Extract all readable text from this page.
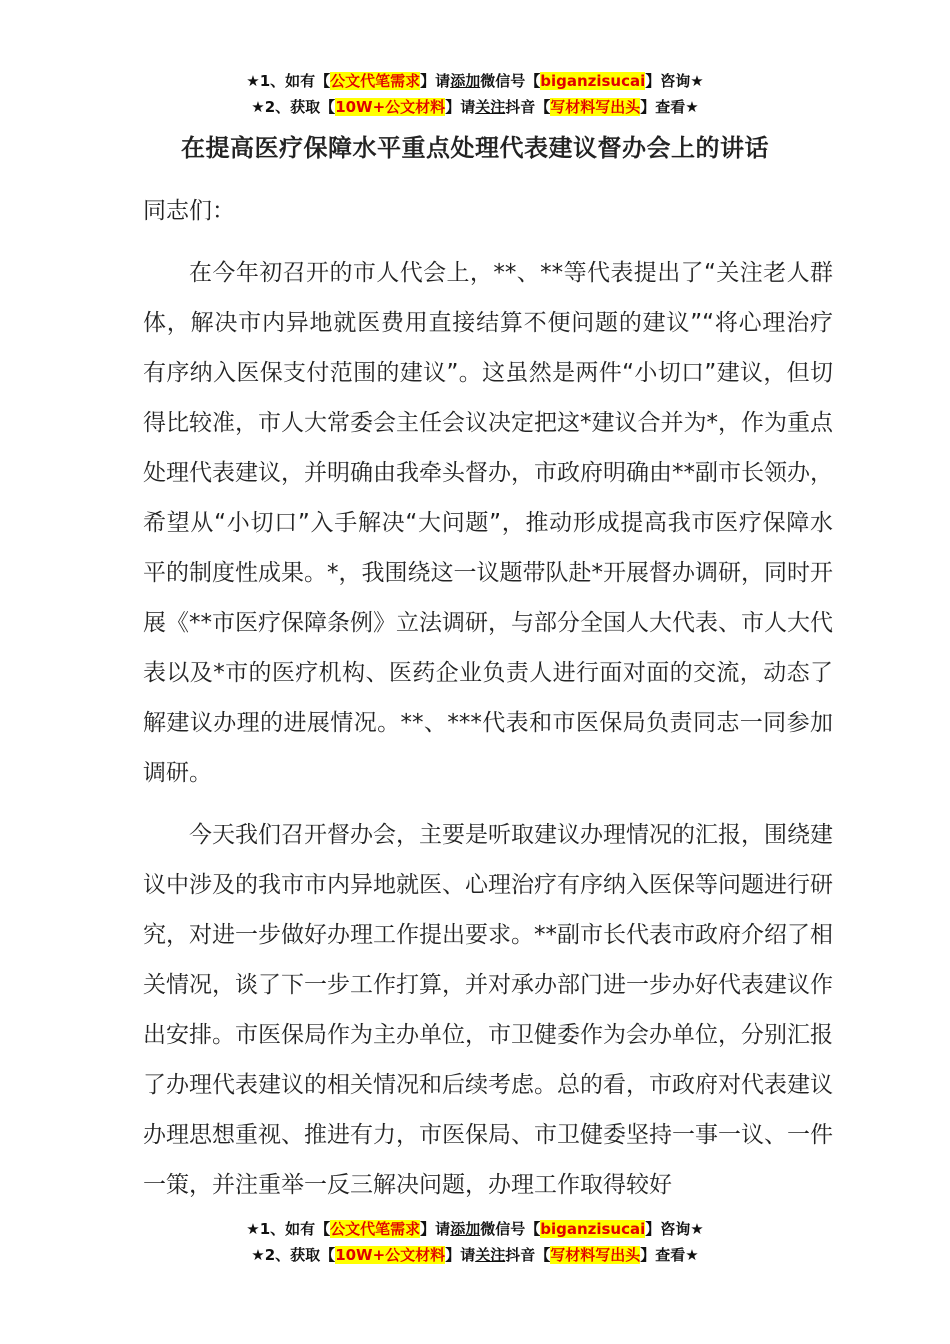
★1、如有【公文代笔需求】请添加微信号【biganzisucai】咨询★
★2、获取【10W+公文材料】请关注抖音【写材料写出头】查看★
在提高医疗保障水平重点处理代表建议督办会上的讲话

同志们：

在今年初召开的市人代会上，**、**等代表提出了“关注老人群体，解决市内异地就医费用直接结算不便问题的建议”“将心理治疗有序纳入医保支付范围的建议”。这虽然是两件“小切口”建议，但切得比较准，市人大常委会主任会议决定把这*建议合并为*，作为重点处理代表建议，并明确由我牵头督办，市政府明确由**副市长领办，希望从“小切口”入手解决“大问题”，推动形成提高我市医疗保障水平的制度性成果。*，我围绕这一议题带队赴*开展督办调研，同时开展《**市医疗保障条例》立法调研，与部分全国人大代表、市人大代表以及*市的医疗机构、医药企业负责人进行面对面的交流，动态了解建议办理的进展情况。**、***代表和市医保局负责同志一同参加调研。

今天我们召开督办会，主要是听取建议办理情况的汇报，围绕建议中涉及的我市市内异地就医、心理治疗有序纳入医保等问题进行研究，对进一步做好办理工作提出要求。**副市长代表市政府介绍了相关情况，谈了下一步工作打算，并对承办部门进一步办好代表建议作出安排。市医保局作为主办单位，市卫健委作为会办单位，分别汇报了办理代表建议的相关情况和后续考虑。总的看，市政府对代表建议办理思想重视、推进有力，市医保局、市卫健委坚持一事一议、一件一策，并注重举一反三解决问题，办理工作取得较好

★1、如有【公文代笔需求】请添加微信号【biganzisucai】咨询★
★2、获取【10W+公文材料】请关注抖音【写材料写出头】查看★
